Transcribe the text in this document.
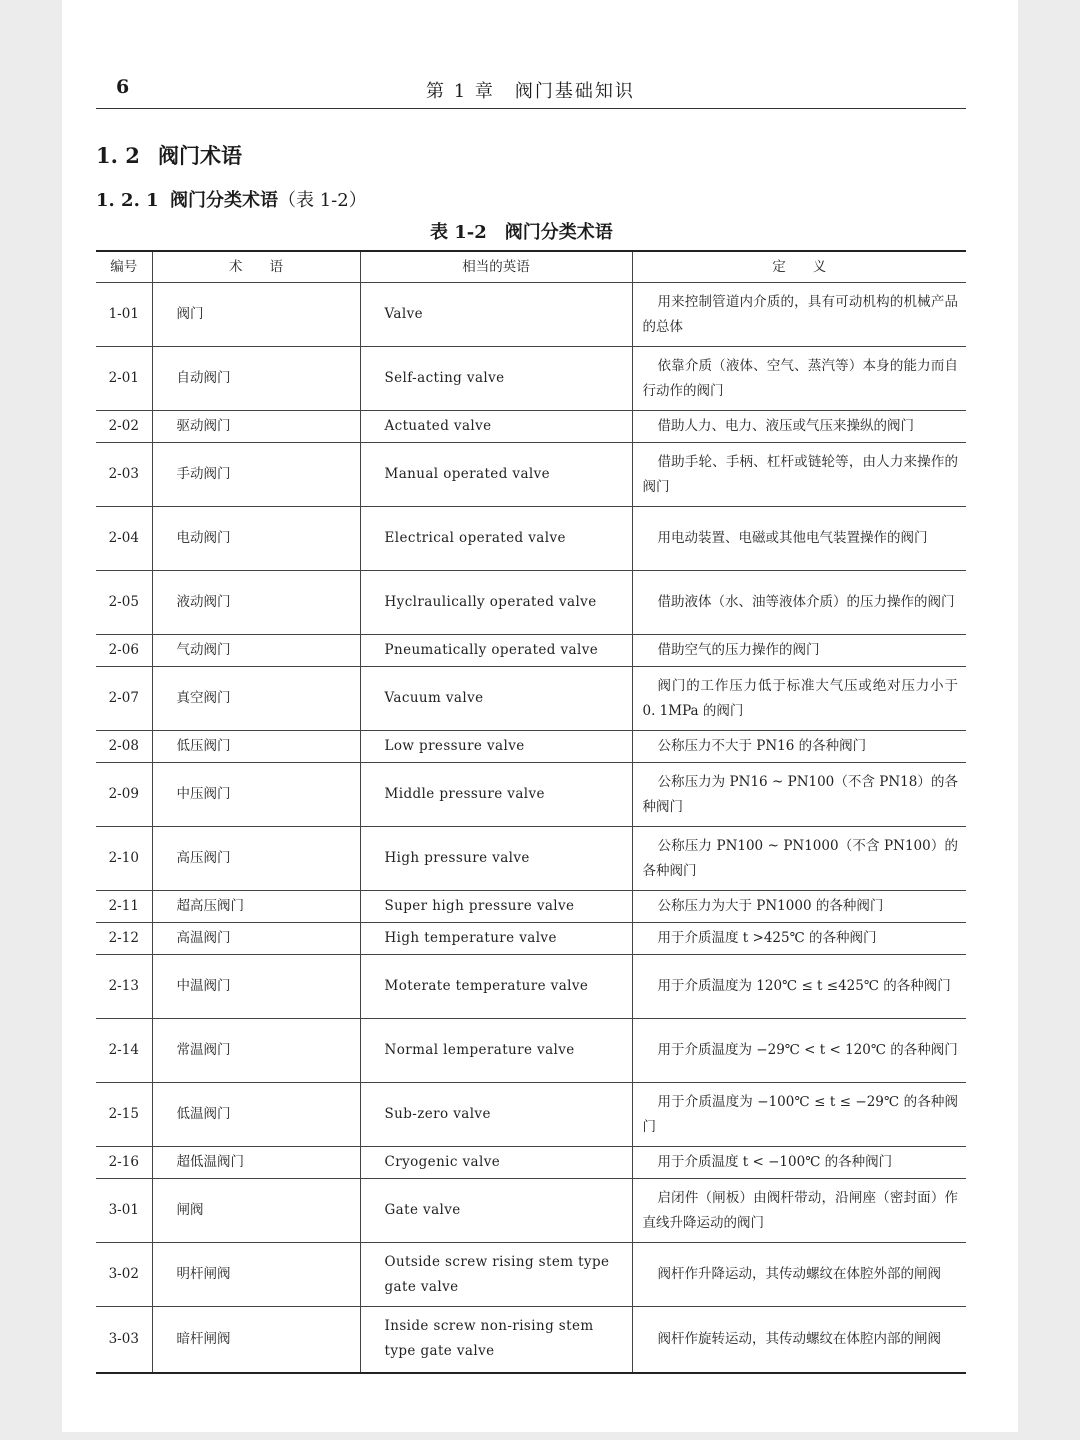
6	第 1 章　阀门基础知识
1. 2 阀门术语
1. 2. 1 阀门分类术语（表 1-2）
表 1-2　阀门分类术语
编号	术　　语	相当的英语	定　　义
1-01	阀门	Valve	用来控制管道内介质的，具有可动机构的机械产品的总体

2-01	自动阀门	Self-acting valve	依靠介质（液体、空气、蒸汽等）本身的能力而自行动作的阀门

2-02	驱动阀门	Actuated valve	借助人力、电力、液压或气压来操纵的阀门

2-03	手动阀门	Manual operated valve	借助手轮、手柄、杠杆或链轮等，由人力来操作的阀门

2-04	电动阀门	Electrical operated valve	用电动装置、电磁或其他电气装置操作的阀门

2-05	液动阀门	Hyclraulically operated valve	借助液体（水、油等液体介质）的压力操作的阀门

2-06	气动阀门	Pneumatically operated valve	借助空气的压力操作的阀门

2-07	真空阀门	Vacuum valve	阀门的工作压力低于标准大气压或绝对压力小于 0. 1MPa 的阀门

2-08	低压阀门	Low pressure valve	公称压力不大于 PN16 的各种阀门

2-09	中压阀门	Middle pressure valve	公称压力为 PN16 ~ PN100（不含 PN18）的各种阀门

2-10	高压阀门	High pressure valve	公称压力 PN100 ~ PN1000（不含 PN100）的各种阀门

2-11	超高压阀门	Super high pressure valve	公称压力为大于 PN1000 的各种阀门

2-12	高温阀门	High temperature valve	用于介质温度 t >425℃ 的各种阀门

2-13	中温阀门	Moterate temperature valve	用于介质温度为 120℃ ≤ t ≤425℃ 的各种阀门

2-14	常温阀门	Normal lemperature valve	用于介质温度为 −29℃ < t < 120℃ 的各种阀门

2-15	低温阀门	Sub-zero valve	用于介质温度为 −100℃ ≤ t ≤ −29℃ 的各种阀门

2-16	超低温阀门	Cryogenic valve	用于介质温度 t < −100℃ 的各种阀门

3-01	闸阀	Gate valve	启闭件（闸板）由阀杆带动，沿闸座（密封面）作直线升降运动的阀门

3-02	明杆闸阀	Outside screw rising stem type gate valve	阀杆作升降运动，其传动螺纹在体腔外部的闸阀

3-03	暗杆闸阀	Inside screw non-rising stem type gate valve	阀杆作旋转运动，其传动螺纹在体腔内部的闸阀
